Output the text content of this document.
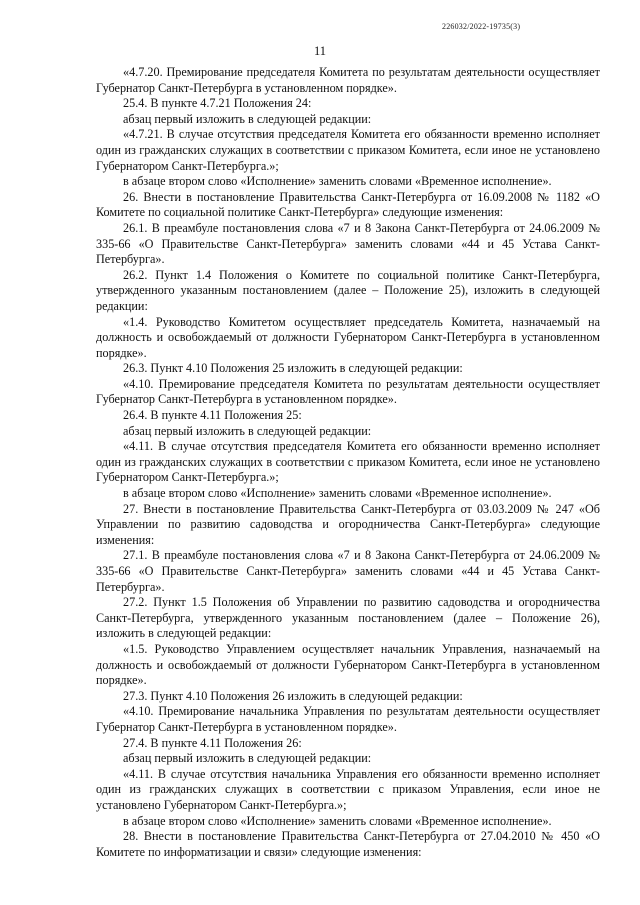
226032/2022-19735(3)
11

«4.7.20. Премирование председателя Комитета по результатам деятельности осуществляет Губернатор Санкт-Петербурга в установленном порядке».

25.4. В пункте 4.7.21 Положения 24:

абзац первый изложить в следующей редакции:

«4.7.21. В случае отсутствия председателя Комитета его обязанности временно исполняет один из гражданских служащих в соответствии с приказом Комитета, если иное не установлено Губернатором Санкт-Петербурга.»;

в абзаце втором слово «Исполнение» заменить словами «Временное исполнение».

26. Внести в постановление Правительства Санкт-Петербурга от 16.09.2008 № 1182 «О Комитете по социальной политике Санкт-Петербурга» следующие изменения:

26.1. В преамбуле постановления слова «7 и 8 Закона Санкт-Петербурга от 24.06.2009 № 335-66 «О Правительстве Санкт-Петербурга» заменить словами «44 и 45 Устава Санкт-Петербурга».

26.2. Пункт 1.4 Положения о Комитете по социальной политике Санкт-Петербурга, утвержденного указанным постановлением (далее – Положение 25), изложить в следующей редакции:

«1.4. Руководство Комитетом осуществляет председатель Комитета, назначаемый на должность и освобождаемый от должности Губернатором Санкт-Петербурга в установленном порядке».

26.3. Пункт 4.10 Положения 25 изложить в следующей редакции:

«4.10. Премирование председателя Комитета по результатам деятельности осуществляет Губернатор Санкт-Петербурга в установленном порядке».

26.4. В пункте 4.11 Положения 25:

абзац первый изложить в следующей редакции:

«4.11. В случае отсутствия председателя Комитета его обязанности временно исполняет один из гражданских служащих в соответствии с приказом Комитета, если иное не установлено Губернатором Санкт-Петербурга.»;

в абзаце втором слово «Исполнение» заменить словами «Временное исполнение».

27. Внести в постановление Правительства Санкт-Петербурга от 03.03.2009 № 247 «Об Управлении по развитию садоводства и огородничества Санкт-Петербурга» следующие изменения:

27.1. В преамбуле постановления слова «7 и 8 Закона Санкт-Петербурга от 24.06.2009 № 335-66 «О Правительстве Санкт-Петербурга» заменить словами «44 и 45 Устава Санкт-Петербурга».

27.2. Пункт 1.5 Положения об Управлении по развитию садоводства и огородничества Санкт-Петербурга, утвержденного указанным постановлением (далее – Положение 26), изложить в следующей редакции:

«1.5. Руководство Управлением осуществляет начальник Управления, назначаемый на должность и освобождаемый от должности Губернатором Санкт-Петербурга в установленном порядке».

27.3. Пункт 4.10 Положения 26 изложить в следующей редакции:

«4.10. Премирование начальника Управления по результатам деятельности осуществляет Губернатор Санкт-Петербурга в установленном порядке».

27.4. В пункте 4.11 Положения 26:

абзац первый изложить в следующей редакции:

«4.11. В случае отсутствия начальника Управления его обязанности временно исполняет один из гражданских служащих в соответствии с приказом Управления, если иное не установлено Губернатором Санкт-Петербурга.»;

в абзаце втором слово «Исполнение» заменить словами «Временное исполнение».

28. Внести в постановление Правительства Санкт-Петербурга от 27.04.2010 № 450 «О Комитете по информатизации и связи» следующие изменения:
